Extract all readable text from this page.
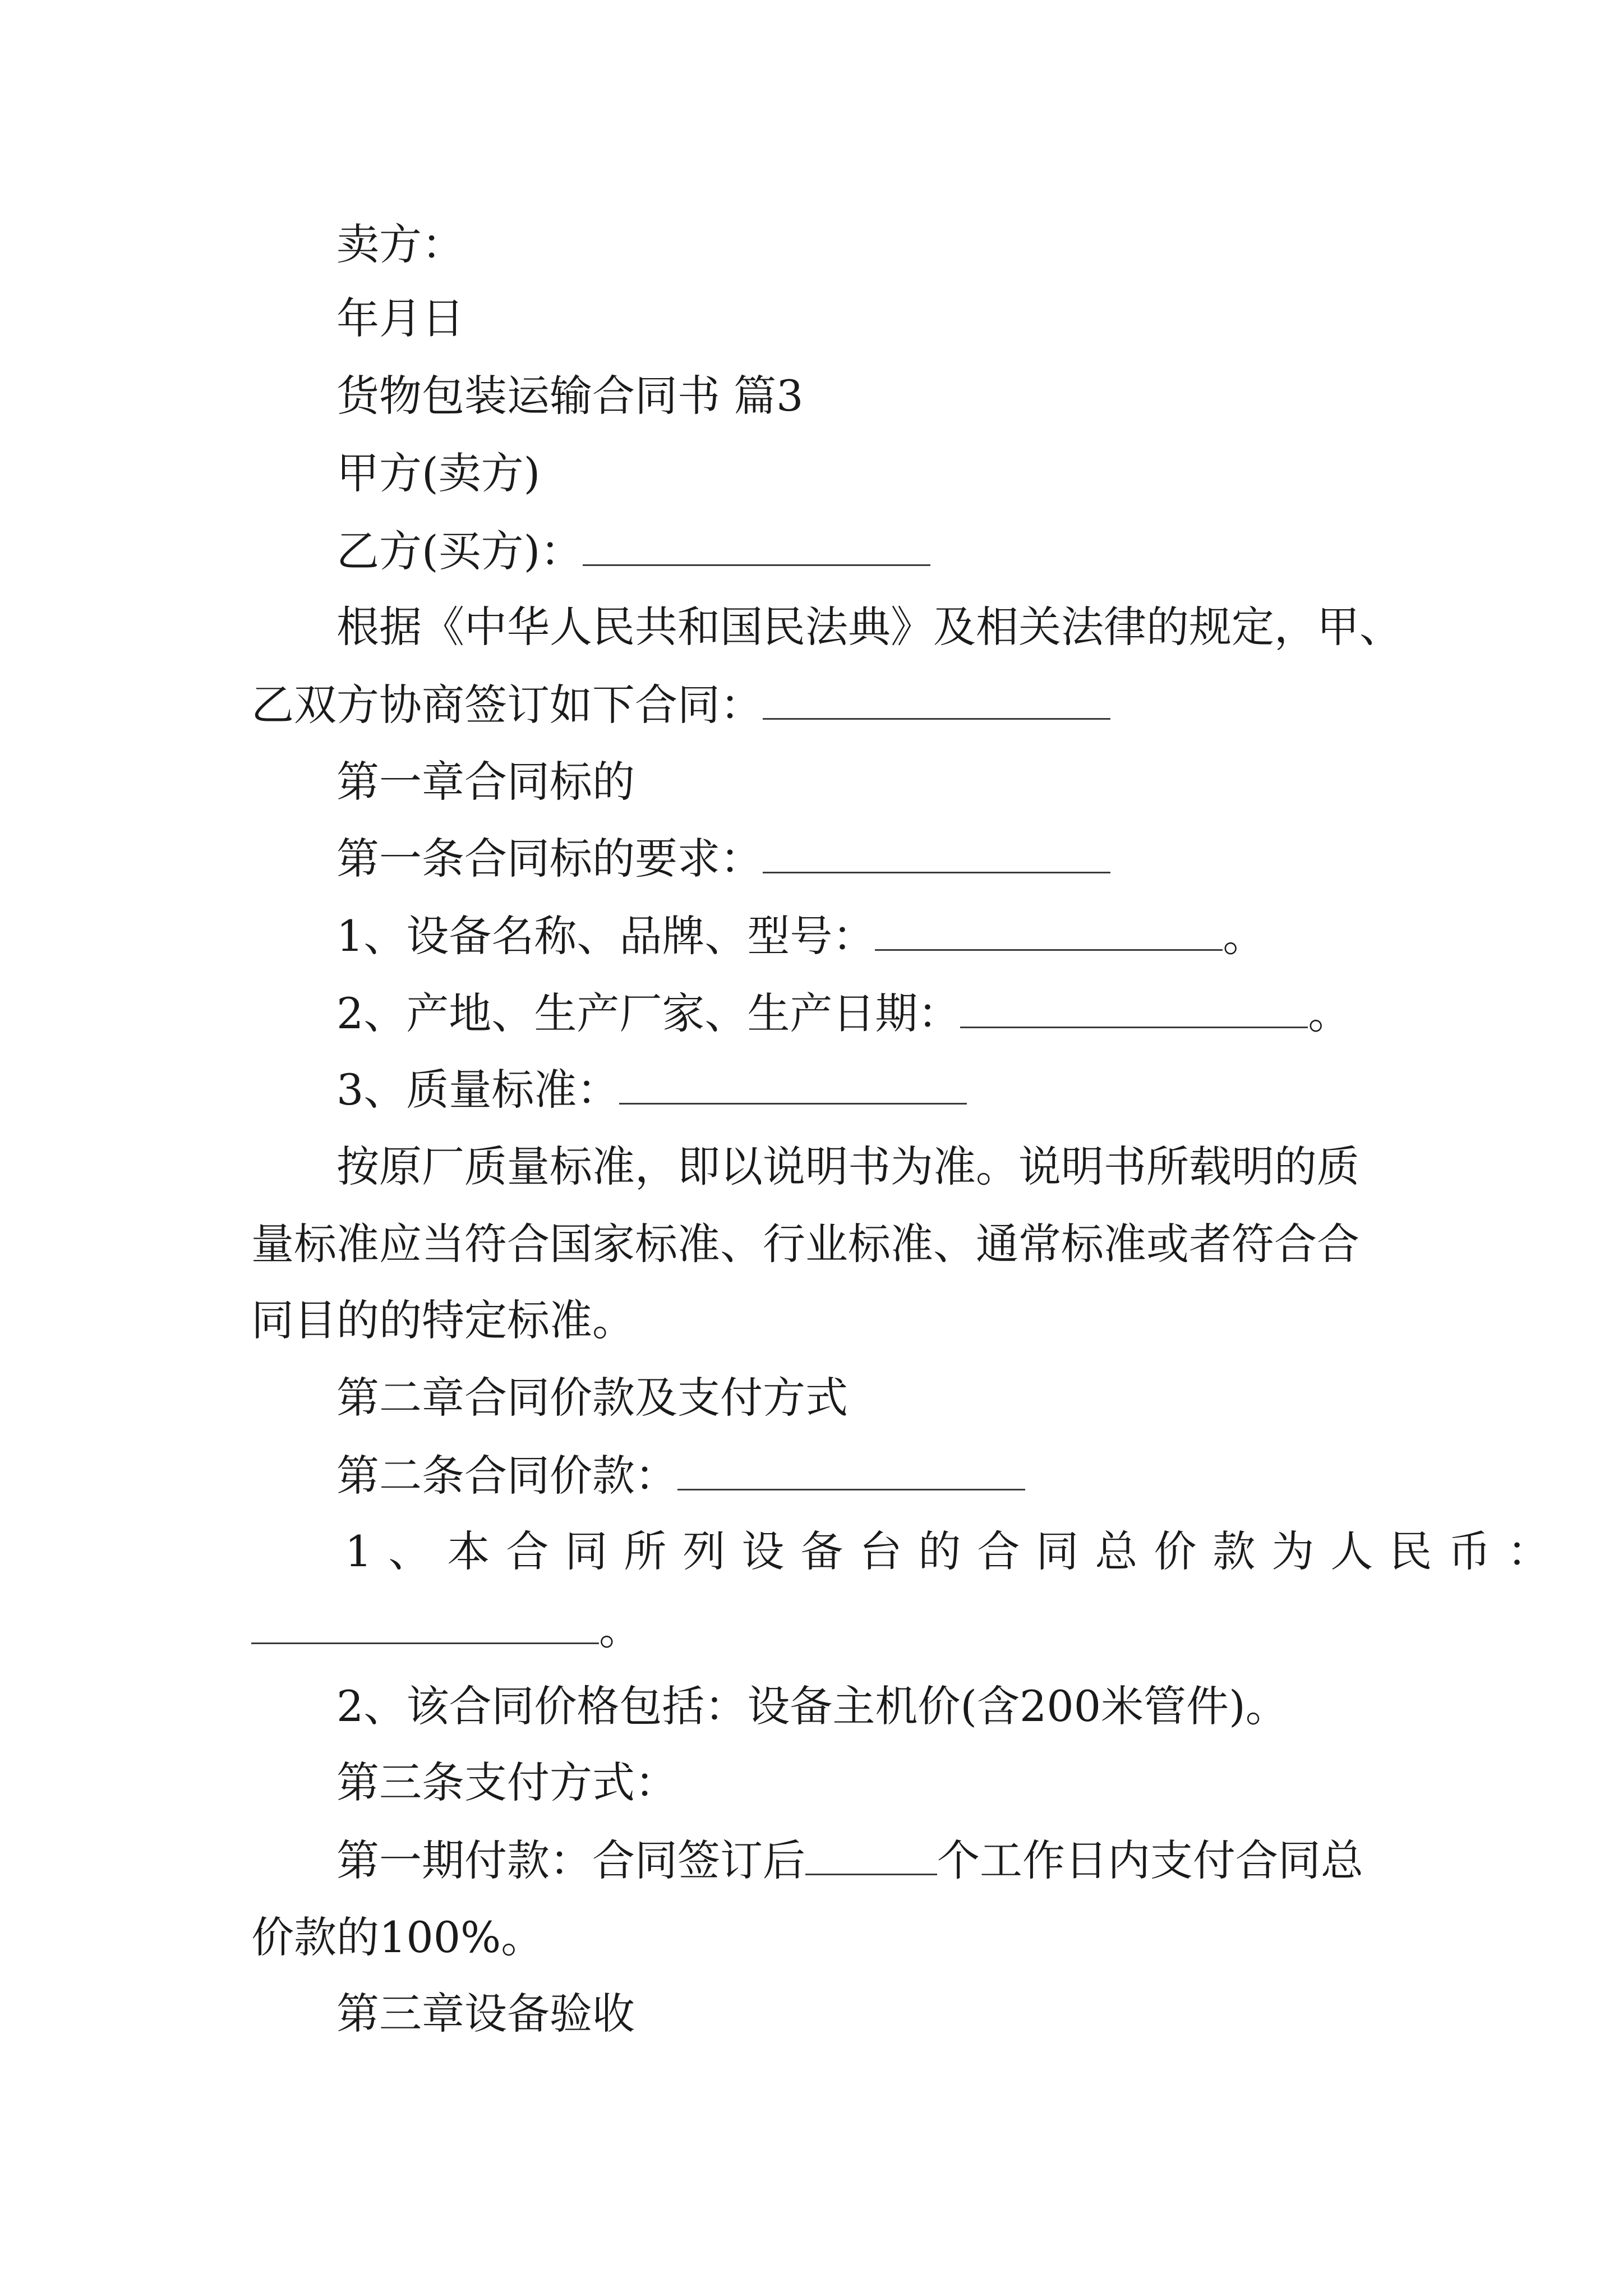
卖方：
年月日
货物包装运输合同书 篇3
甲方(卖方)
乙方(买方)：
根据《中华人民共和国民法典》及相关法律的规定，甲、
乙双方协商签订如下合同：
第一章合同标的
第一条合同标的要求：
1、设备名称、品牌、型号：	。
2、产地、生产厂家、生产日期：	。
3、质量标准：
按原厂质量标准，即以说明书为准。说明书所载明的质
量标准应当符合国家标准、行业标准、通常标准或者符合合
同目的的特定标准。
第二章合同价款及支付方式
第二条合同价款：
1、本合同所列设备台的合同总价款为人民币：
。
2、该合同价格包括：设备主机价(含200米管件)。
第三条支付方式：
第一期付款：合同签订后	个工作日内支付合同总
价款的100%。
第三章设备验收
